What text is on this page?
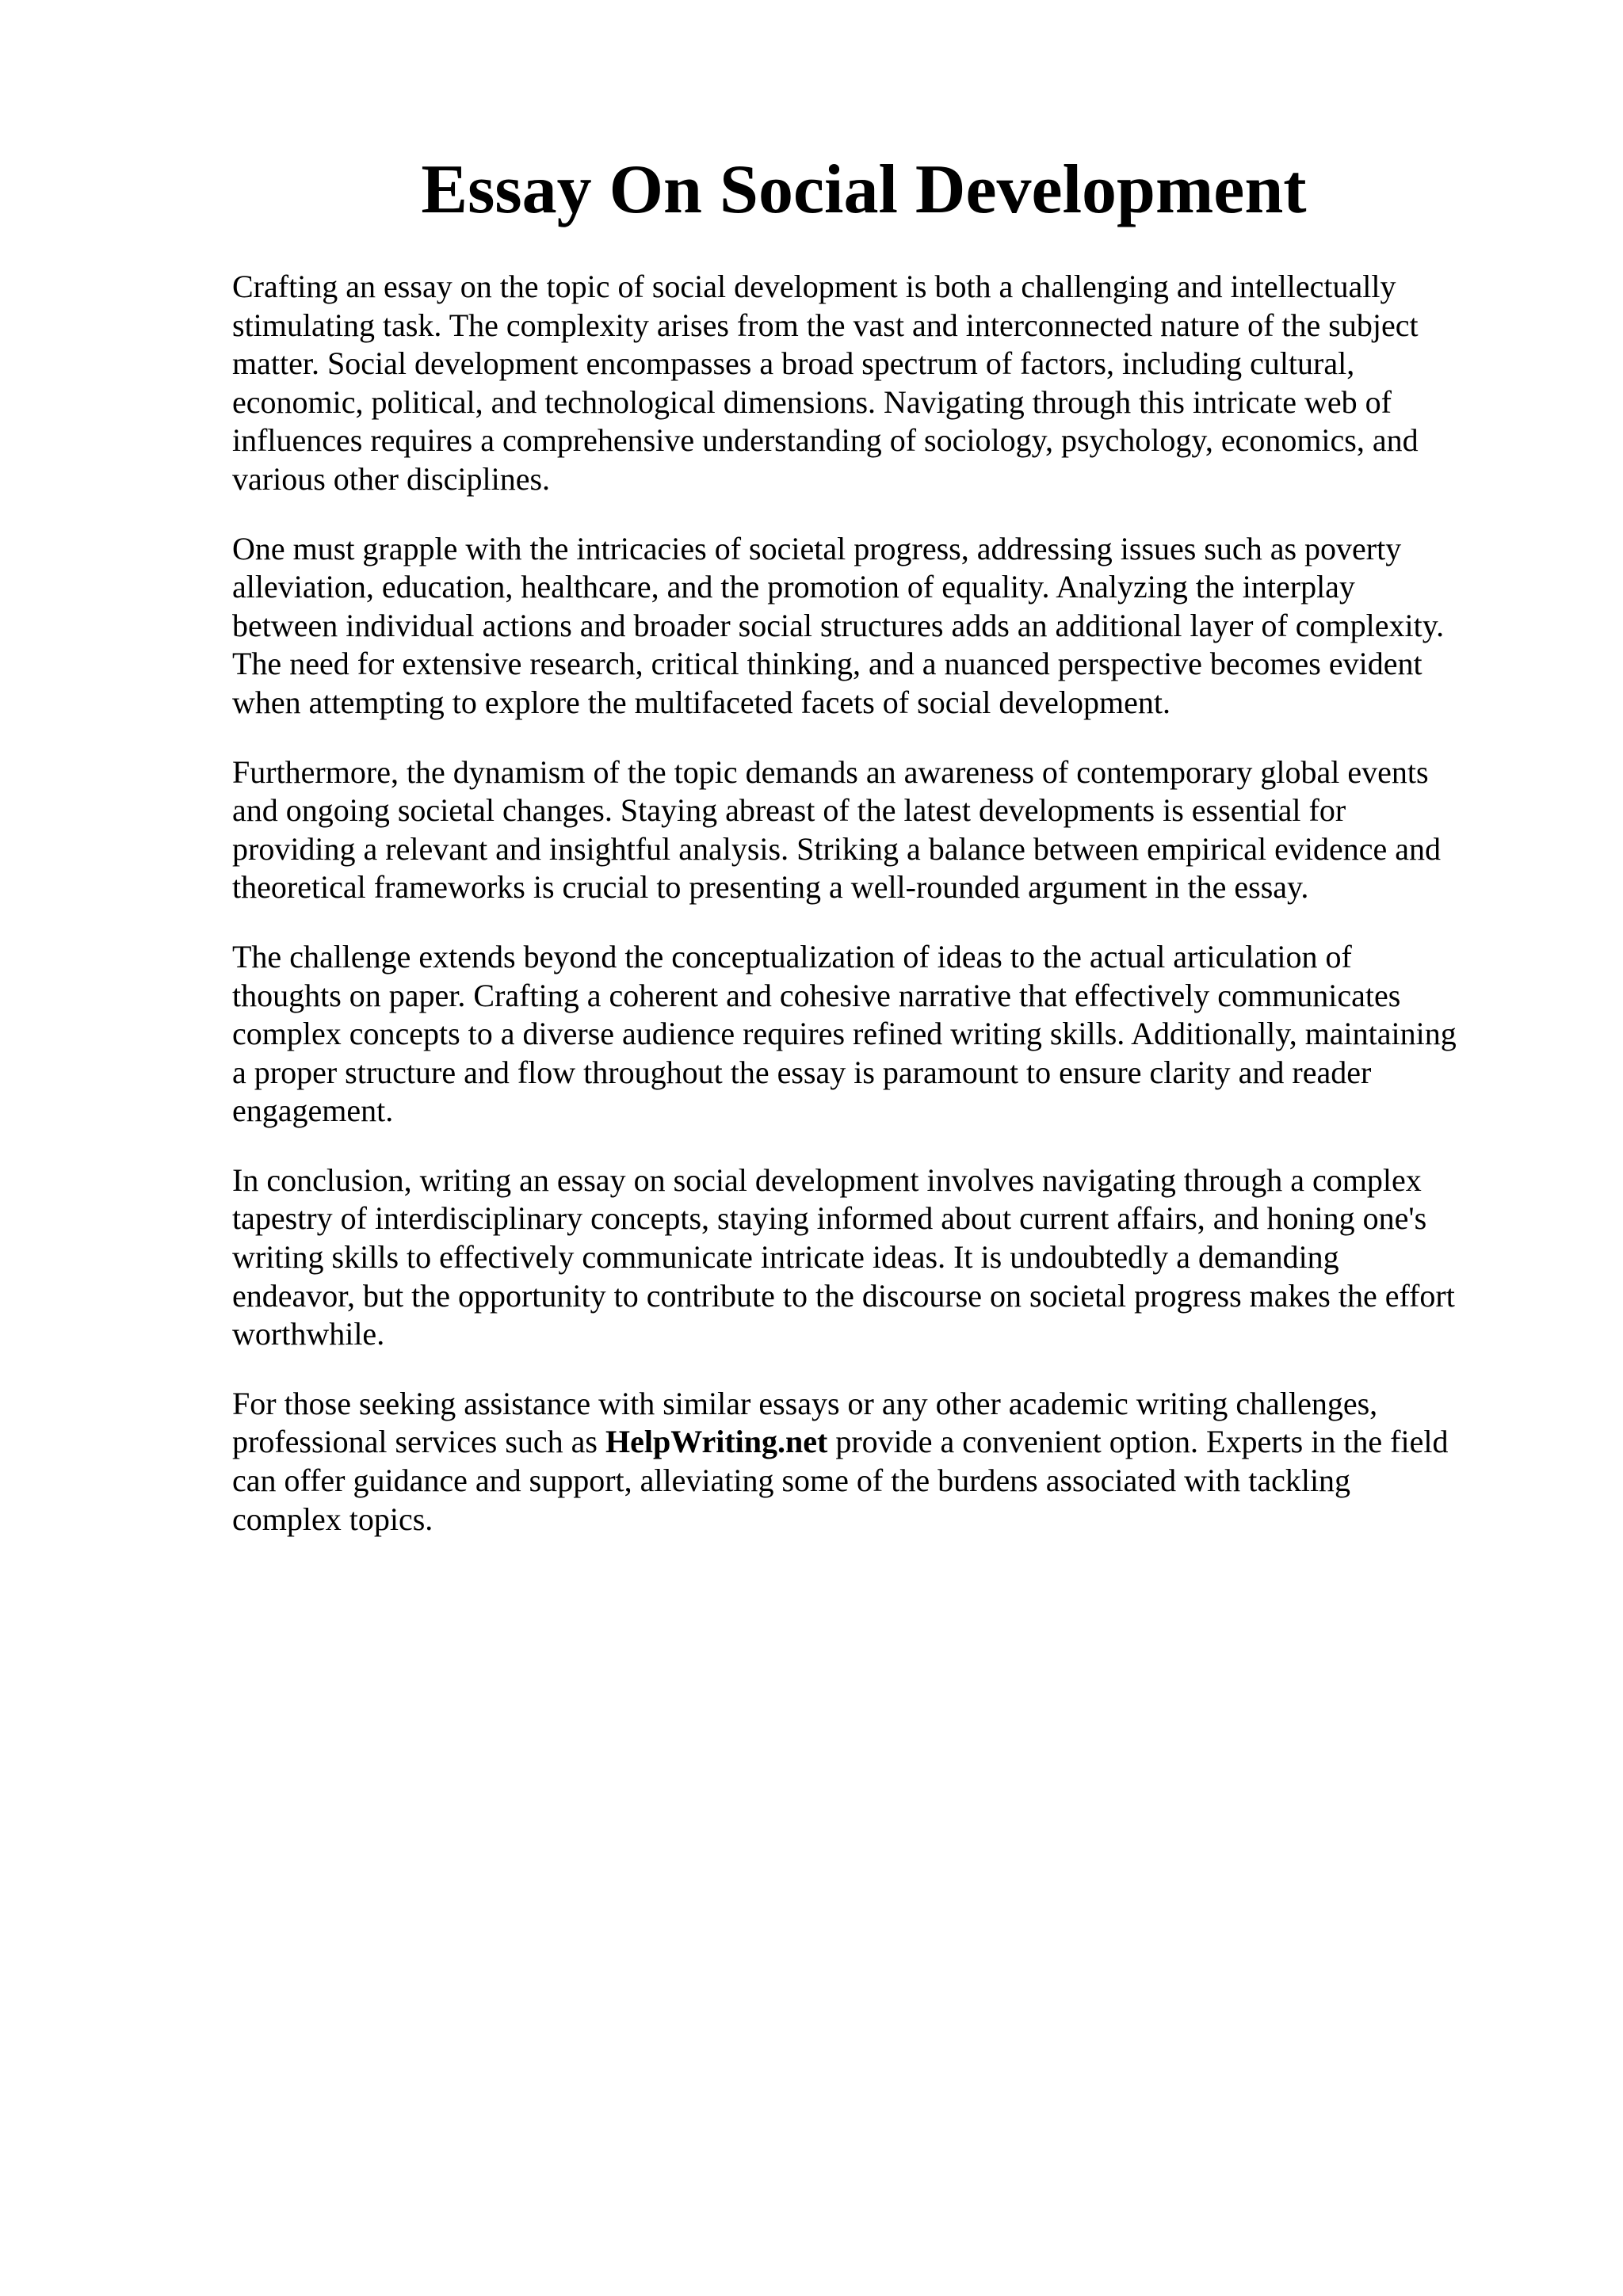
Essay On Social Development

Crafting an essay on the topic of social development is both a challenging and intellectually
stimulating task. The complexity arises from the vast and interconnected nature of the subject
matter. Social development encompasses a broad spectrum of factors, including cultural,
economic, political, and technological dimensions. Navigating through this intricate web of
influences requires a comprehensive understanding of sociology, psychology, economics, and
various other disciplines.

One must grapple with the intricacies of societal progress, addressing issues such as poverty
alleviation, education, healthcare, and the promotion of equality. Analyzing the interplay
between individual actions and broader social structures adds an additional layer of complexity.
The need for extensive research, critical thinking, and a nuanced perspective becomes evident
when attempting to explore the multifaceted facets of social development.

Furthermore, the dynamism of the topic demands an awareness of contemporary global events
and ongoing societal changes. Staying abreast of the latest developments is essential for
providing a relevant and insightful analysis. Striking a balance between empirical evidence and
theoretical frameworks is crucial to presenting a well-rounded argument in the essay.

The challenge extends beyond the conceptualization of ideas to the actual articulation of
thoughts on paper. Crafting a coherent and cohesive narrative that effectively communicates
complex concepts to a diverse audience requires refined writing skills. Additionally, maintaining
a proper structure and flow throughout the essay is paramount to ensure clarity and reader
engagement.

In conclusion, writing an essay on social development involves navigating through a complex
tapestry of interdisciplinary concepts, staying informed about current affairs, and honing one's
writing skills to effectively communicate intricate ideas. It is undoubtedly a demanding
endeavor, but the opportunity to contribute to the discourse on societal progress makes the effort
worthwhile.

For those seeking assistance with similar essays or any other academic writing challenges,
professional services such as HelpWriting.net provide a convenient option. Experts in the field
can offer guidance and support, alleviating some of the burdens associated with tackling
complex topics.
